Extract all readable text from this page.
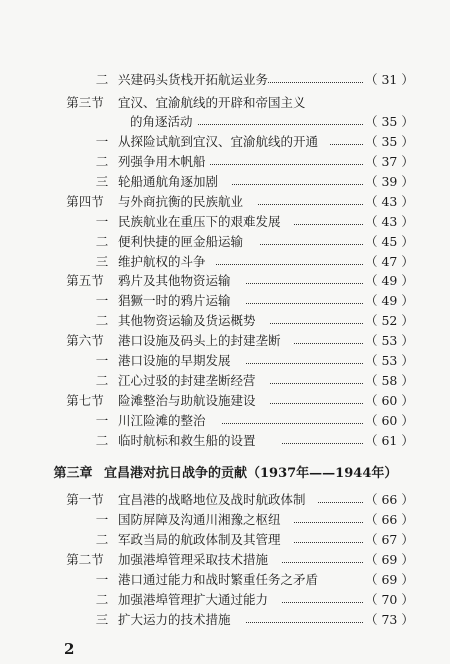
二 兴建码头货栈开拓航运业务	（ 31 ）
第三节	宜汉、宜渝航线的开辟和帝国主义
的角逐活动	（ 35 ）
一 从探险试航到宜汉、宜渝航线的开通	（ 35 ）
二 列强争用木帆船	（ 37 ）
三 轮船通航角逐加剧	（ 39 ）
第四节	与外商抗衡的民族航业	（ 43 ）
一 民族航业在重压下的艰难发展	（ 43 ）
二 便利快捷的匣金船运输	（ 45 ）
三 维护航权的斗争	（ 47 ）
第五节	鸦片及其他物资运输	（ 49 ）
一 猖獗一时的鸦片运输	（ 49 ）
二 其他物资运输及货运概势	（ 52 ）
第六节	港口设施及码头上的封建垄断	（ 53 ）
一 港口设施的早期发展	（ 53 ）
二 江心过驳的封建垄断经营	（ 58 ）
第七节	险滩整治与助航设施建设	（ 60 ）
一 川江险滩的整治	（ 60 ）
二 临时航标和救生船的设置	（ 61 ）
第三章 宜昌港对抗日战争的贡献（1937年——1944年）
第一节	宜昌港的战略地位及战时航政体制	（ 66 ）
一 国防屏障及沟通川湘豫之枢纽	（ 66 ）
二 军政当局的航政体制及其管理	（ 67 ）
第二节	加强港埠管理采取技术措施	（ 69 ）
一 港口通过能力和战时繁重任务之矛盾	（ 69 ）
二 加强港埠管理扩大通过能力	（ 70 ）
三 扩大运力的技术措施	（ 73 ）
2
